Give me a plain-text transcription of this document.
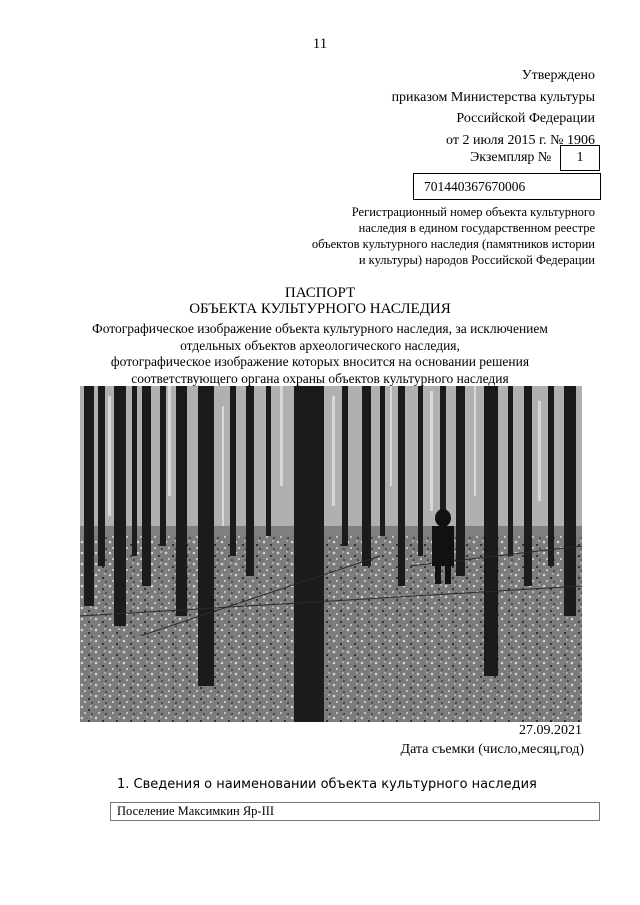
11
Утверждено
приказом Министерства культуры
Российской Федерации
от 2 июля 2015 г. № 1906
Экземпляр №	1
701440367670006
Регистрационный номер объекта культурного
наследия в едином государственном реестре
объектов культурного наследия (памятников истории
и культуры) народов Российской Федерации
ПАСПОРТ
ОБЪЕКТА КУЛЬТУРНОГО НАСЛЕДИЯ
Фотографическое изображение объекта культурного наследия, за исключением
отдельных объектов археологического наследия,
фотографическое изображение которых вносится на основании решения
соответствующего органа охраны объектов культурного наследия
27.09.2021
Дата съемки (число,месяц,год)
1. Сведения о наименовании объекта культурного наследия
Поселение Максимкин Яр-III
